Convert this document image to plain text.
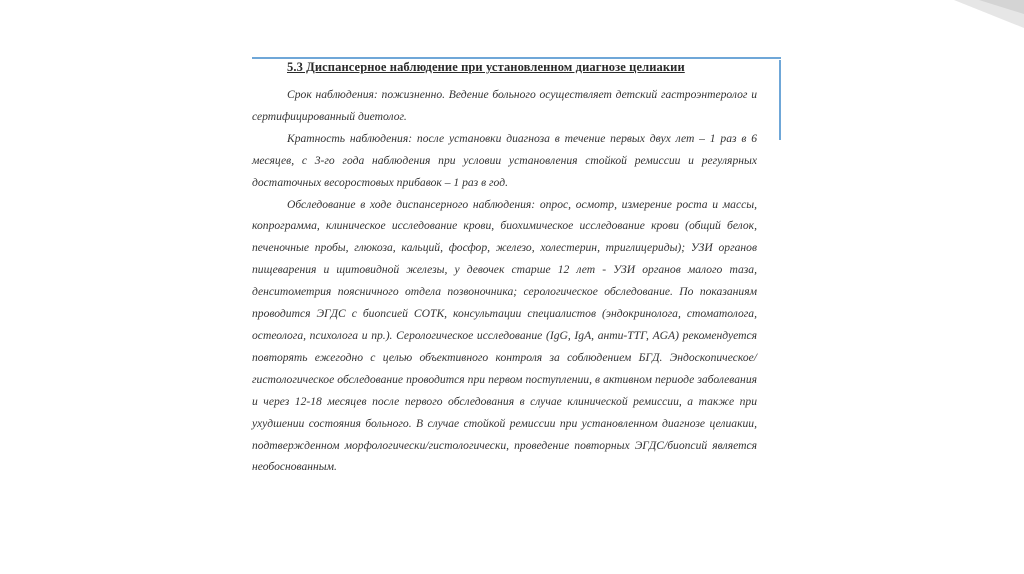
5.3 Диспансерное наблюдение при установленном диагнозе целиакии

Срок наблюдения: пожизненно. Ведение больного осуществляет детский гастроэнтеролог и сертифицированный диетолог.

Кратность наблюдения: после установки диагноза в течение первых двух лет – 1 раз в 6 месяцев, с 3-го года наблюдения при условии установления стойкой ремиссии и регулярных достаточных весоростовых прибавок – 1 раз в год.

Обследование в ходе диспансерного наблюдения: опрос, осмотр, измерение роста и массы, копрограмма, клиническое исследование крови, биохимическое исследование крови (общий белок, печеночные пробы, глюкоза, кальций, фосфор, железо, холестерин, триглицериды); УЗИ органов пищеварения и щитовидной железы, у девочек старше 12 лет - УЗИ органов малого таза, денситометрия поясничного отдела позвоночника; серологическое обследование. По показаниям проводится ЭГДС с биопсией СОТК, консультации специалистов (эндокринолога, стоматолога, остеолога, психолога и пр.). Серологическое исследование (IgG, IgA, анти-ТТГ, AGA) рекомендуется повторять ежегодно с целью объективного контроля за соблюдением БГД. Эндоскопическое/гистологическое обследование проводится при первом поступлении, в активном периоде заболевания и через 12-18 месяцев после первого обследования в случае клинической ремиссии, а также при ухудшении состояния больного. В случае стойкой ремиссии при установленном диагнозе целиакии, подтвержденном морфологически/гистологически, проведение повторных ЭГДС/биопсий является необоснованным.
